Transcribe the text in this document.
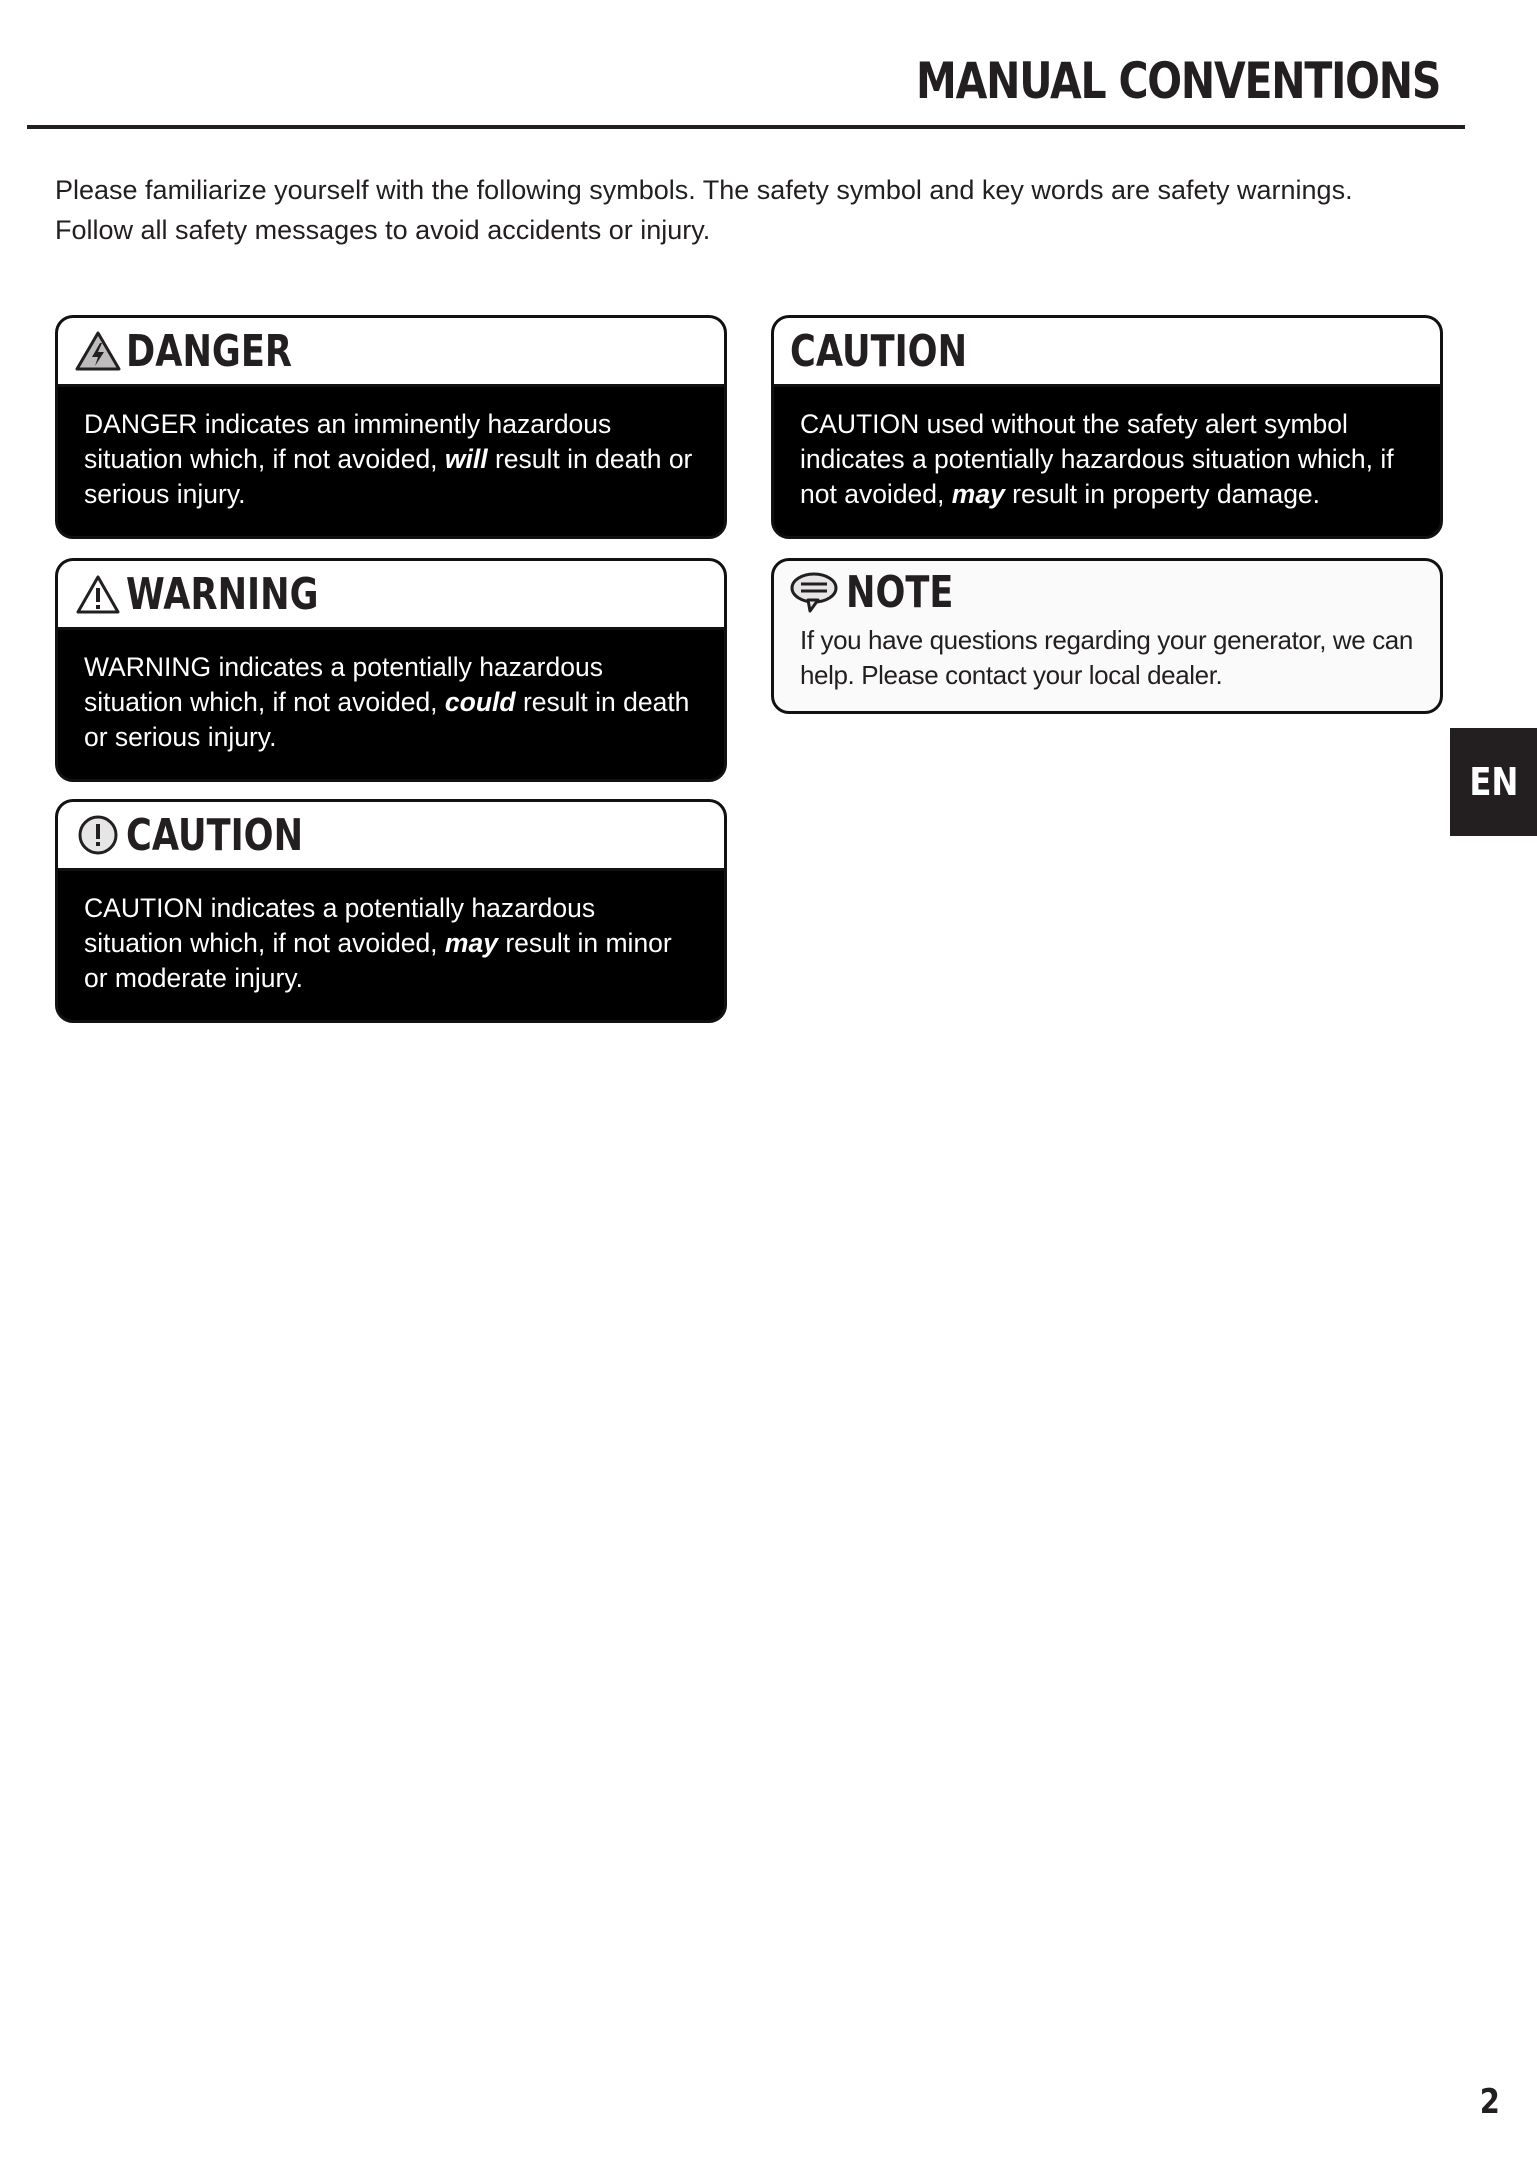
MANUAL CONVENTIONS
Please familiarize yourself with the following symbols. The safety symbol and key words are safety warnings. Follow all safety messages to avoid accidents or injury.
DANGER
DANGER indicates an imminently hazardous situation which, if not avoided, will result in death or serious injury.
WARNING
WARNING indicates a potentially hazardous situation which, if not avoided, could result in death or serious injury.
CAUTION
CAUTION indicates a potentially hazardous situation which, if not avoided, may result in minor or moderate injury.
CAUTION
CAUTION used without the safety alert symbol indicates a potentially hazardous situation which, if not avoided, may result in property damage.
NOTE
If you have questions regarding your generator, we can help. Please contact your local dealer.
EN
2
